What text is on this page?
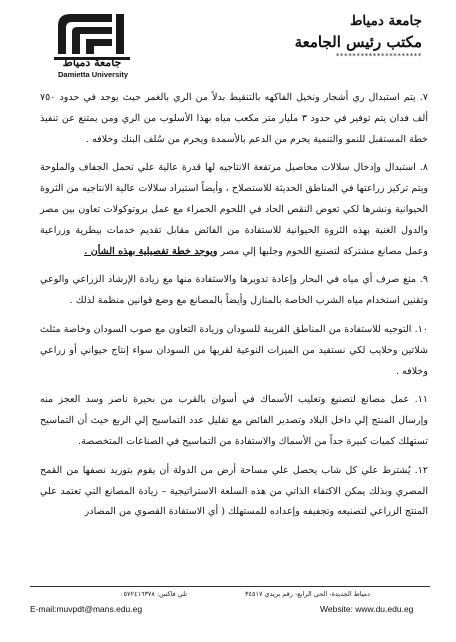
جامعة دمياط
Damietta University
جامعة دمياط
مكتب رئيس الجامعة
*********************

٧. يتم استبدال ري أشجار ونخيل الفاكهه بالتنقيط بدلاً من الري بالغمر حيث يوجد في حدود ٧٥٠ ألف فدان يتم توفير في حدود ٣ مليار متر مكعب مياه بهذا الأسلوب من الري ومن يمتنع عن تنفيذ خطة المستقبل للنمو والتنمية يحرم من الدعم بالأسمدة ويحرم من سُلف البنك وخلافه .

٨. استبدال وإدخال سلالات محاصيل مرتفعة الانتاجيه لها قدرة عالية علي تحمل الجفاف والملوحة ويتم تركيز زراعتها في المناطق الحديثة للاستصلاح ، وأيضاً استيراد سلالات عالية الانتاجيه من الثروة الحيوانية ونشرها لكي تعوض النقص الحاد في اللحوم الحمراء مع عمل بروتوكولات تعاون بين مصر والدول الغنية بهذه الثروة الحيوانية للاستفادة من الفائض مقابل تقديم خدمات بيطرية وزراعية وعمل مصانع مشتركة لتصنيع اللحوم وجلبها إلي مصر ويوجد خطة تفصيلية بهذه الشأن .

٩. منع صرف أي مياه في البحار وإعادة تدويرها والاستفادة منها مع زيادة الإرشاد الزراعي والوعي وتقنين استخدام مياه الشرب الخاصة بالمنازل وأيضاً بالمصانع مع وضع قوانين منظمة لذلك .

١٠. التوجيه للاستفادة من المناطق القريبة للسودان وزيادة التعاون مع صوب السودان وخاصة مثلث شلاتين وحلايب لكي نستفيد من الميزات النوعية لقربها من السودان سواء إنتاج حيواني أو زراعي وخلافه .

١١. عمل مصانع لتصنيع وتعليب الأسماك في أسوان بالقرب من بحيرة ناصر وسد العجز منه وإرسال المنتج إلي داخل البلاد وتصدير الفائض مع تقليل عدد التماسيح إلي الربع حيث أن التماسيح تستهلك كميات كبيرة جداً من الأسماك والاستفادة من التماسيح في الصناعات المتخصصة.

١٢. يُشترط علي كل شاب يحصل علي مساحة أرض من الدولة أن يقوم بتوريد نصفها من القمح المصري وبذلك يمكن الاكتفاء الذاتي من هذه السلعة الاستراتيجية – زيادة المصانع التي تعتمد علي المنتج الزراعي لتصنيعه وتجفيفه وإعداده للمستهلك ( أي الاستفادة القصوي من المصادر

دمياط الجديدة- الحي الرابع- رقم بريدي ٣٤٥١٧
تلي فاكس: ٠٥٧٢٤١٦٣٧٨
E-mail:muvpdt@mans.edu.eg	Website: www.du.edu.eg
